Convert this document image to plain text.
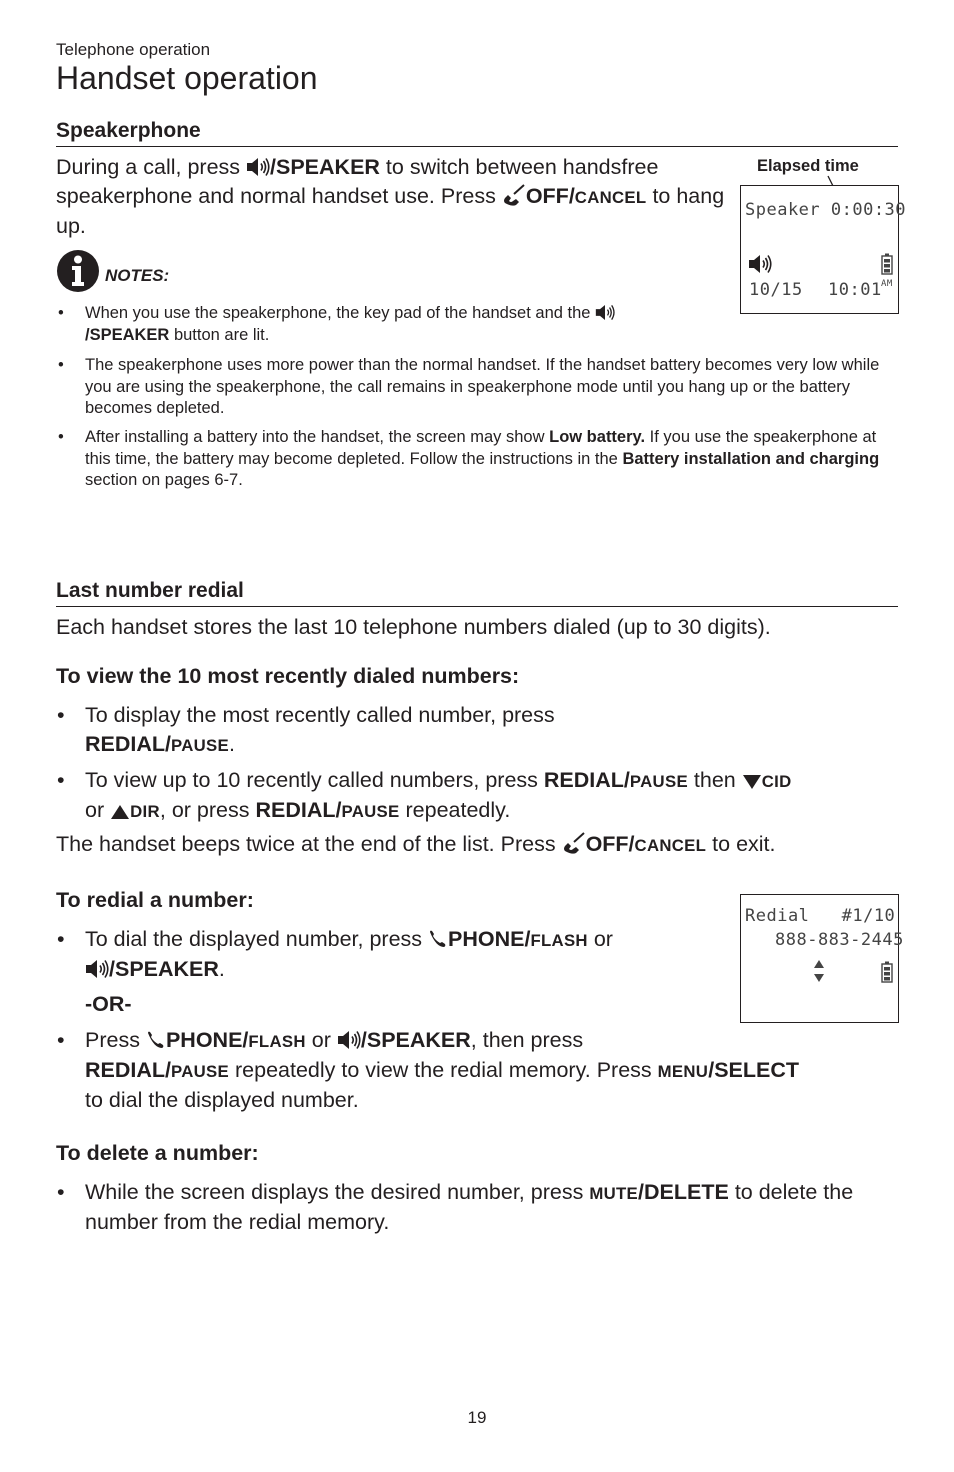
Telephone operation
Handset operation
Speakerphone
During a call, press /SPEAKER to switch between handsfree speakerphone and normal handset use. Press OFF/CANCEL to hang up.
NOTES:
• When you use the speakerphone, the key pad of the handset and the /SPEAKER button are lit.
• The speakerphone uses more power than the normal handset. If the handset battery becomes very low while you are using the speakerphone, the call remains in speakerphone mode until you hang up or the battery becomes depleted.
• After installing a battery into the handset, the screen may show Low battery. If you use the speakerphone at this time, the battery may become depleted. Follow the instructions in the Battery installation and charging section on pages 6-7.
Elapsed time
Speaker 0:00:30
10/15 10:01 AM
Last number redial
Each handset stores the last 10 telephone numbers dialed (up to 30 digits).
To view the 10 most recently dialed numbers:
• To display the most recently called number, press REDIAL/PAUSE.
• To view up to 10 recently called numbers, press REDIAL/PAUSE then CID
or DIR, or press REDIAL/PAUSE repeatedly.
The handset beeps twice at the end of the list. Press OFF/CANCEL to exit.
To redial a number:
• To dial the displayed number, press PHONE/FLASH or
/SPEAKER.
-OR-
• Press PHONE/FLASH or /SPEAKER, then press
REDIAL/PAUSE repeatedly to view the redial memory. Press MENU/SELECT
to dial the displayed number.
Redial   #1/10
888-883-2445
To delete a number:
• While the screen displays the desired number, press MUTE/DELETE to delete the number from the redial memory.
19
